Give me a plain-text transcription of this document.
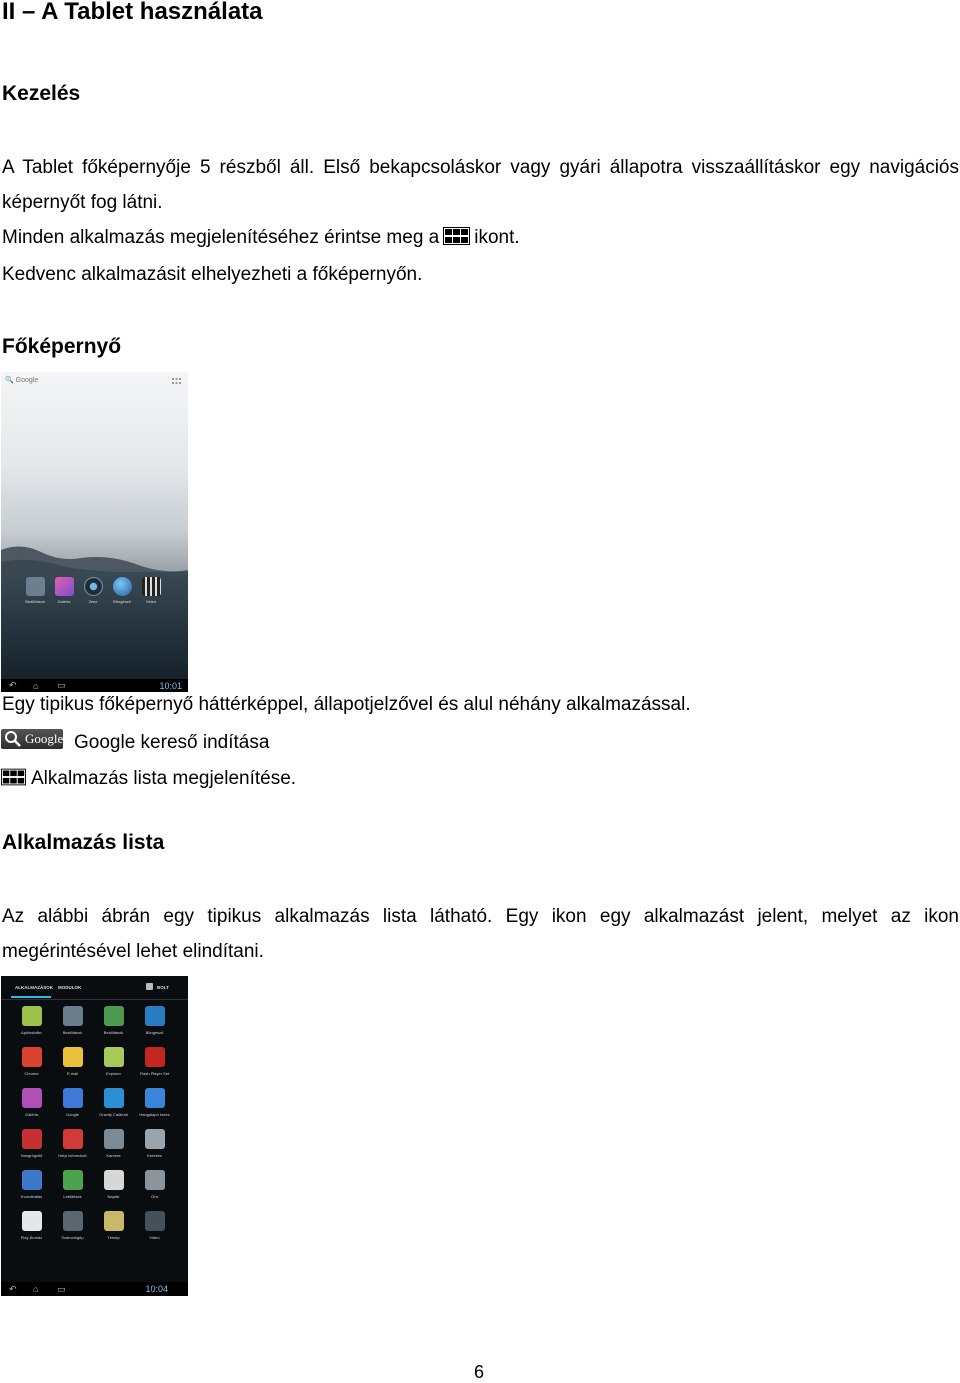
II – A Tablet használata
Kezelés

A Tablet főképernyője 5 részből áll. Első bekapcsoláskor vagy gyári állapotra visszaállításkor egy navigációs képernyőt fog látni.

Minden alkalmazás megjelenítéséhez érintse meg a ikont.

Kedvenc alkalmazásit elhelyezheti a főképernyőn.

Főképernyő
🔍 Google
Beállítások	Galéria	Zene	Böngésző	Videó
↶	⌂	▭	10:01

Egy tipikus főképernyő háttérképpel, állapotjelzővel és alul néhány alkalmazással.

Google Google kereső indítása

Alkalmazás lista megjelenítése.

Alkalmazás lista

Az alábbi ábrán egy tipikus alkalmazás lista látható. Egy ikon egy alkalmazást jelent, melyet az ikon megérintésével lehet elindítani.

ALKALMAZÁSOK MODULOK	BOLT
ApkInstaller	Beállítások	Beállítások	Böngésző
Chrome	E-mail	Explorer	Flash Player Set
Galéria	Google	Gravity Calibrati	Hangalapú keres
Hangrögzítő	Helyi információ	Kamera	Keresés
Koordinálás	Letöltések	Naptár	Óra
Play Áruház	Számológép	Térkép	Videó
↶	⌂	▭	10:04
6
